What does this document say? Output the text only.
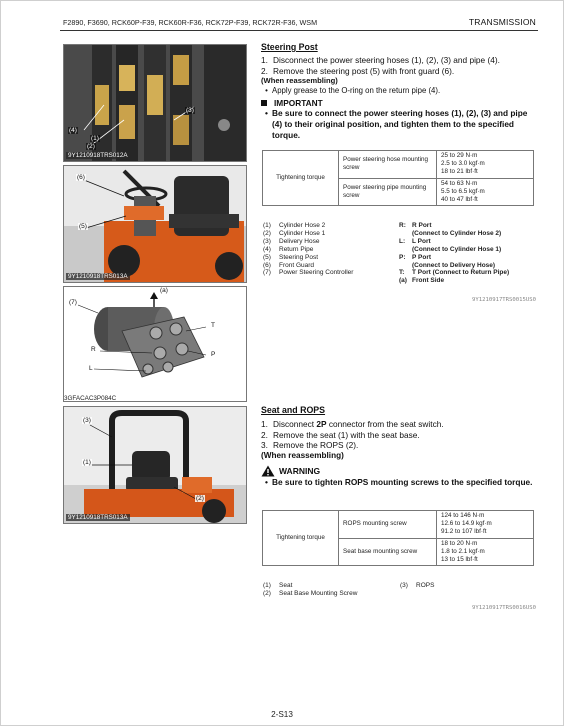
F2890, F3690, RCK60P-F39, RCK60R-F36, RCK72P-F39, RCK72R-F36, WSM	TRANSMISSION
(4)
(1)
(2)
(3)
9Y1210918TRS012A
(6)
(5)
9Y1210918TRS013A
(7)
(a)
T
R
P
L
3GFACAC3P084C
(3)
(1)
(2)
9Y1210918TRS013A
Steering Post
1. Disconnect the power steering hoses (1), (2), (3) and pipe (4).
2. Remove the steering post (5) with front guard (6).
(When reassembling)
• Apply grease to the O-ring on the return pipe (4).
IMPORTANT
• Be sure to connect the power steering hoses (1), (2), (3) and pipe (4) to their original position, and tighten them to the specified torque.
Tightening torque	Power steering hose mounting screw	25 to 29 N·m
2.5 to 3.0 kgf·m
18 to 21 lbf·ft

	Power steering pipe mounting screw	54 to 63 N·m
5.5 to 6.5 kgf·m
40 to 47 lbf·ft
(1)	Cylinder Hose 2
(2)	Cylinder Hose 1
(3)	Delivery Hose
(4)	Return Pipe
(5)	Steering Post
(6)	Front Guard
(7)	Power Steering Controller
R: R Port
(Connect to Cylinder Hose 2)
L:	L Port
(Connect to Cylinder Hose 1)
P:	P Port
(Connect to Delivery Hose)
T:	T Port (Connect to Return Pipe)
(a) Front Side
9Y1210917TRS0015US0
Seat and ROPS
1. Disconnect 2P connector from the seat switch.
2. Remove the seat (1) with the seat base.
3. Remove the ROPS (2).
(When reassembling)
WARNING
• Be sure to tighten ROPS mounting screws to the specified torque.
Tightening torque	ROPS mounting screw	124 to 146 N·m
12.6 to 14.9 kgf·m
91.2 to 107 lbf·ft

	Seat base mounting screw	18 to 20 N·m
1.8 to 2.1 kgf·m
13 to 15 lbf·ft
(1)	Seat
(2)	Seat Base Mounting Screw
(3)	ROPS
9Y1210917TRS0016US0
2-S13
